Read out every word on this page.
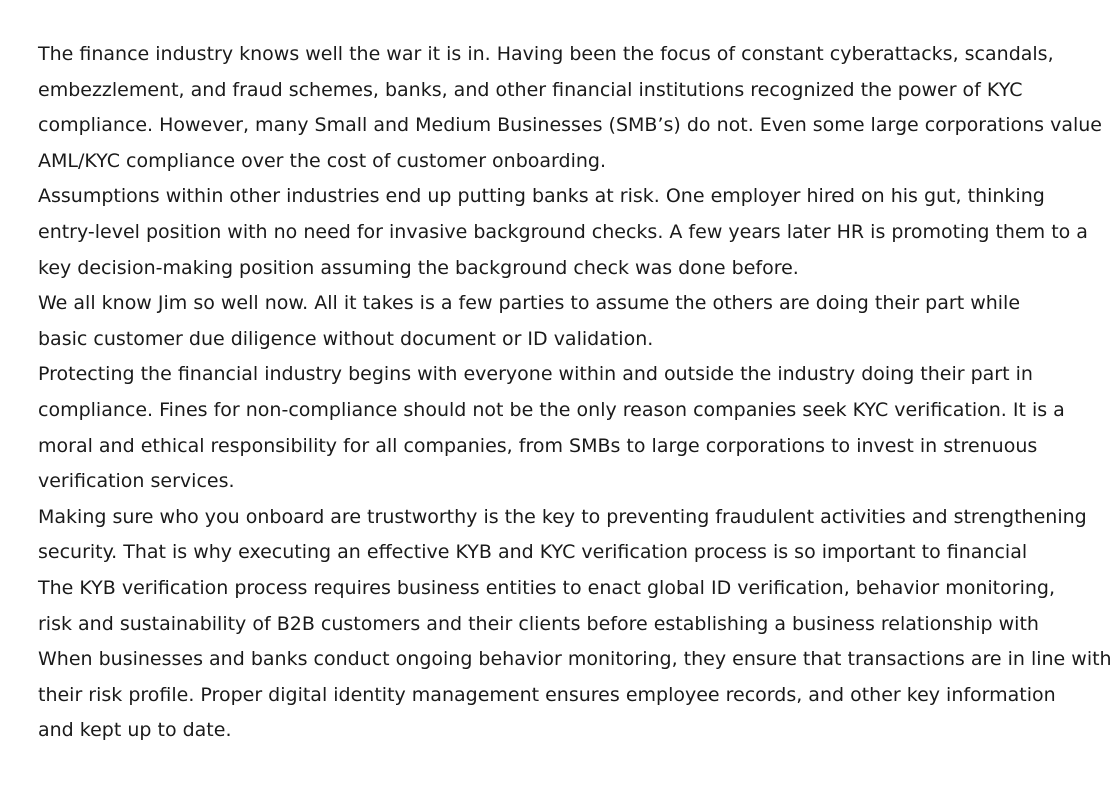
The finance industry knows well the war it is in. Having been the focus of constant cyberattacks, scandals,
embezzlement, and fraud schemes, banks, and other financial institutions recognized the power of KYC
compliance. However, many Small and Medium Businesses (SMB’s) do not. Even some large corporations value
AML/KYC compliance over the cost of customer onboarding.

Assumptions within other industries end up putting banks at risk. One employer hired on his gut, thinking
entry-level position with no need for invasive background checks. A few years later HR is promoting them to a
key decision-making position assuming the background check was done before.

We all know Jim so well now. All it takes is a few parties to assume the others are doing their part while
basic customer due diligence without document or ID validation.

Protecting the financial industry begins with everyone within and outside the industry doing their part in
compliance. Fines for non-compliance should not be the only reason companies seek KYC verification. It is a
moral and ethical responsibility for all companies, from SMBs to large corporations to invest in strenuous
verification services.

Making sure who you onboard are trustworthy is the key to preventing fraudulent activities and strengthening
security. That is why executing an effective KYB and KYC verification process is so important to financial
The KYB verification process requires business entities to enact global ID verification, behavior monitoring,
risk and sustainability of B2B customers and their clients before establishing a business relationship with
When businesses and banks conduct ongoing behavior monitoring, they ensure that transactions are in line with
their risk profile. Proper digital identity management ensures employee records, and other key information
and kept up to date.
